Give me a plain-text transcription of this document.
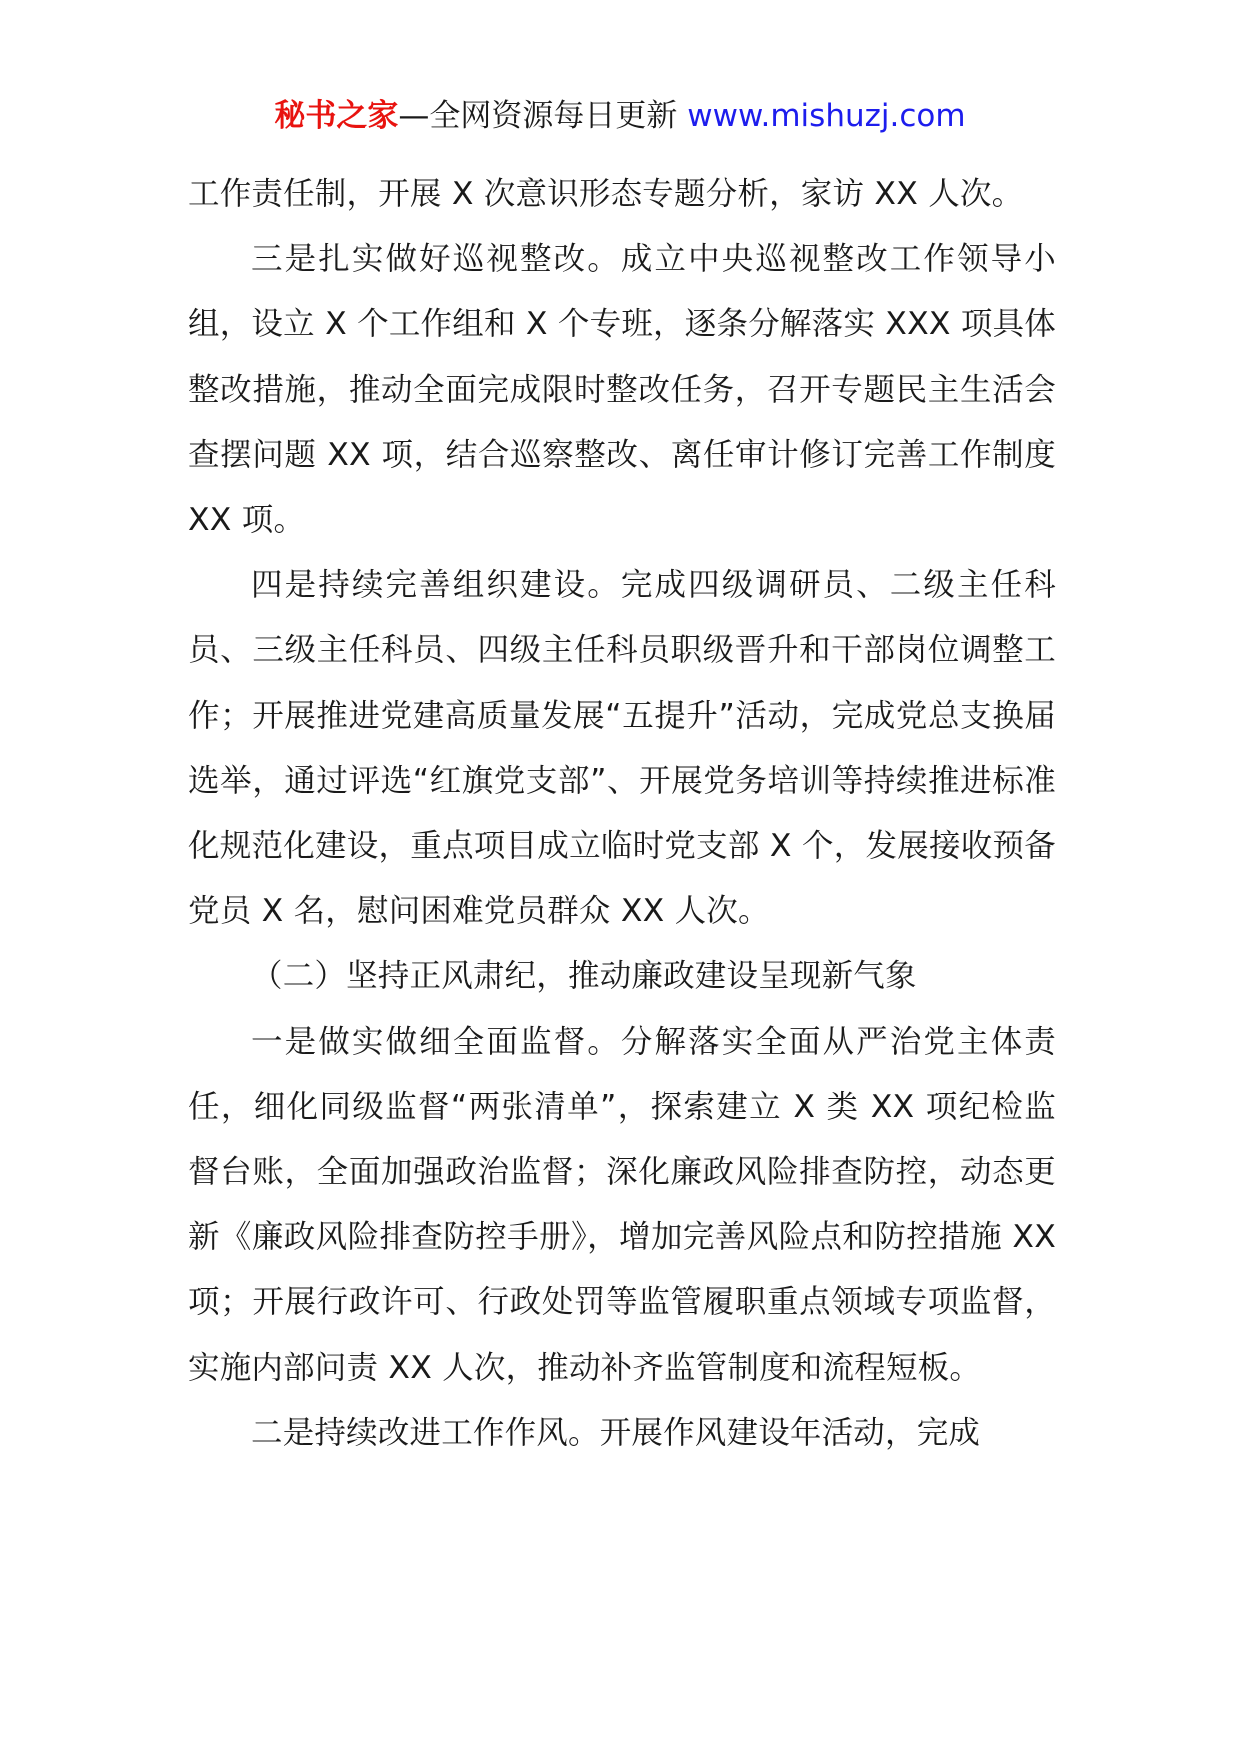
秘书之家—全网资源每日更新 www.mishuzj.com

工作责任制，开展 X 次意识形态专题分析，家访 XX 人次。

三是扎实做好巡视整改。成立中央巡视整改工作领导小组，设立 X 个工作组和 X 个专班，逐条分解落实 XXX 项具体整改措施，推动全面完成限时整改任务，召开专题民主生活会查摆问题 XX 项，结合巡察整改、离任审计修订完善工作制度 XX 项。

四是持续完善组织建设。完成四级调研员、二级主任科员、三级主任科员、四级主任科员职级晋升和干部岗位调整工作；开展推进党建高质量发展“五提升”活动，完成党总支换届选举，通过评选“红旗党支部”、开展党务培训等持续推进标准化规范化建设，重点项目成立临时党支部 X 个，发展接收预备党员 X 名，慰问困难党员群众 XX 人次。

（二）坚持正风肃纪，推动廉政建设呈现新气象

一是做实做细全面监督。分解落实全面从严治党主体责任，细化同级监督“两张清单”，探索建立 X 类 XX 项纪检监督台账，全面加强政治监督；深化廉政风险排查防控，动态更新《廉政风险排查防控手册》，增加完善风险点和防控措施 XX 项；开展行政许可、行政处罚等监管履职重点领域专项监督，实施内部问责 XX 人次，推动补齐监管制度和流程短板。

二是持续改进工作作风。开展作风建设年活动，完成
